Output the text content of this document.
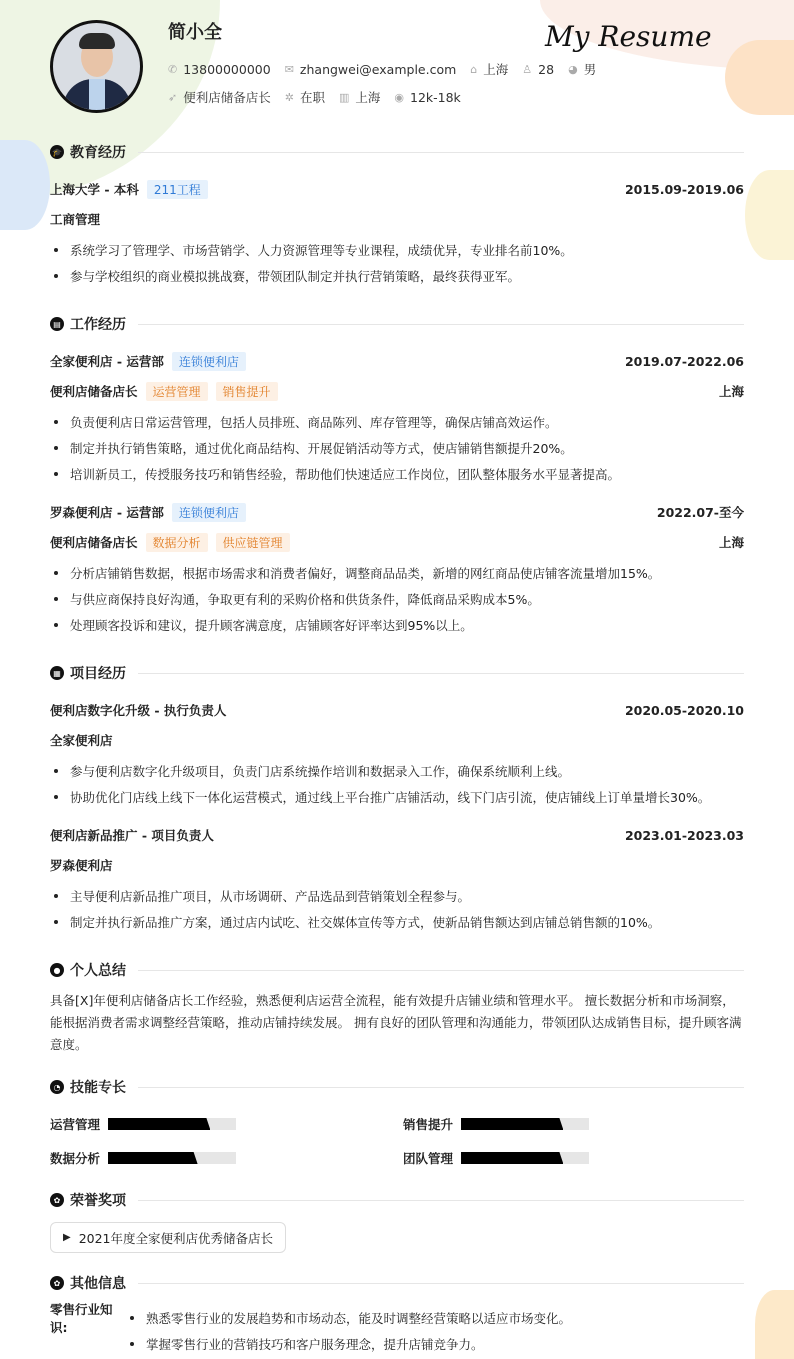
简小全	My Resume
✆ 13800000000 ✉ zhangwei@example.com ⌂ 上海 ♙ 28 ◕ 男
➶ 便利店储备店长 ✲ 在职 ▥ 上海 ◉ 12k-18k
🎓 教育经历
上海大学 - 本科	211工程	2015.09-2019.06
工商管理
系统学习了管理学、市场营销学、人力资源管理等专业课程，成绩优异，专业排名前10%。
参与学校组织的商业模拟挑战赛，带领团队制定并执行营销策略，最终获得亚军。
▤ 工作经历
全家便利店 - 运营部	连锁便利店	2019.07-2022.06
便利店储备店长	运营管理	销售提升	上海
负责便利店日常运营管理，包括人员排班、商品陈列、库存管理等，确保店铺高效运作。
制定并执行销售策略，通过优化商品结构、开展促销活动等方式，使店铺销售额提升20%。
培训新员工，传授服务技巧和销售经验，帮助他们快速适应工作岗位，团队整体服务水平显著提高。
罗森便利店 - 运营部	连锁便利店	2022.07-至今
便利店储备店长	数据分析	供应链管理	上海
分析店铺销售数据，根据市场需求和消费者偏好，调整商品品类，新增的网红商品使店铺客流量增加15%。
与供应商保持良好沟通，争取更有利的采购价格和供货条件，降低商品采购成本5%。
处理顾客投诉和建议，提升顾客满意度，店铺顾客好评率达到95%以上。
▦ 项目经历
便利店数字化升级 - 执行负责人	2020.05-2020.10
全家便利店
参与便利店数字化升级项目，负责门店系统操作培训和数据录入工作，确保系统顺利上线。
协助优化门店线上线下一体化运营模式，通过线上平台推广店铺活动，线下门店引流，使店铺线上订单量增长30%。
便利店新品推广 - 项目负责人	2023.01-2023.03
罗森便利店
主导便利店新品推广项目，从市场调研、产品选品到营销策划全程参与。
制定并执行新品推广方案，通过店内试吃、社交媒体宣传等方式，使新品销售额达到店铺总销售额的10%。
● 个人总结
具备[X]年便利店储备店长工作经验，熟悉便利店运营全流程，能有效提升店铺业绩和管理水平。 擅长数据分析和市场洞察，能根据消费者需求调整经营策略，推动店铺持续发展。 拥有良好的团队管理和沟通能力，带领团队达成销售目标，提升顾客满意度。
◔ 技能专长
运营管理	销售提升
数据分析	团队管理
✿ 荣誉奖项
▶ 2021年度全家便利店优秀储备店长
✿ 其他信息
零售行业知识:
熟悉零售行业的发展趋势和市场动态，能及时调整经营策略以适应市场变化。
掌握零售行业的营销技巧和客户服务理念，提升店铺竞争力。
